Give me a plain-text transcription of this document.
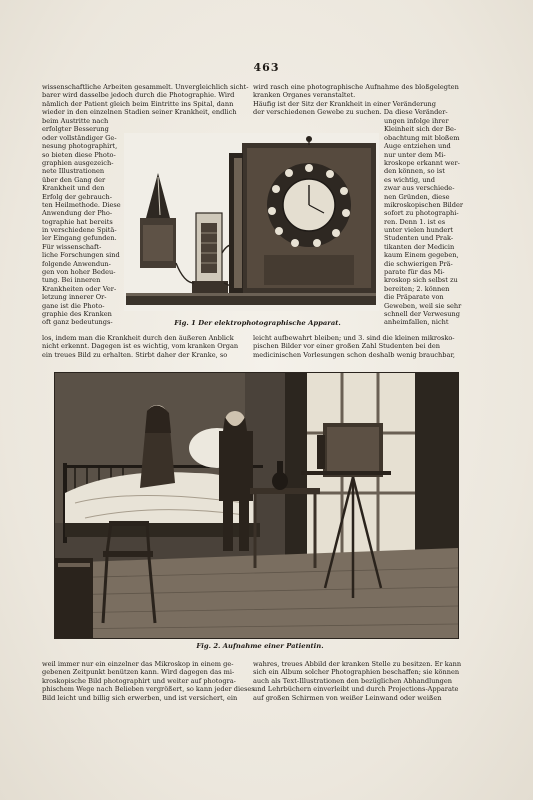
463
wissenschaftliche Arbeiten gesammelt. Unvergleichlich sicht-
barer wird dasselbe jedoch durch die Photographie. Wird
nämlich der Patient gleich beim Eintritte ins Spital, dann
wieder in den einzelnen Stadien seiner Krankheit, endlich
wird rasch eine photographische Aufnahme des bloßgelegten
kranken Organes veranstaltet.
Häufig ist der Sitz der Krankheit in einer Veränderung
der verschiedenen Gewebe zu suchen. Da diese Veränder-
beim Austritte nach
erfolgter Besserung
oder vollständiger Ge-
nesung photographirt,
so bieten diese Photo-
graphien ausgezeich-
nete Illustrationen
über den Gang der
Krankheit und den
Erfolg der gebrauch-
ten Heilmethode. Diese
Anwendung der Pho-
tographie hat bereits
in verschiedene Spitä-
ler Eingang gefunden.
Für wissenschaft-
liche Forschungen sind
folgende Anwendun-
gen von hoher Bedeu-
tung. Bei inneren
Krankheiten oder Ver-
letzung innerer Or-
gane ist die Photo-
graphie des Kranken
oft ganz bedeutungs-
ungen infolge ihrer
Kleinheit sich der Be-
obachtung mit bloßem
Auge entziehen und
nur unter dem Mi-
kroskope erkannt wer-
den können, so ist
es wichtig, und
zwar aus verschiede-
nen Gründen, diese
mikroskopischen Bilder
sofort zu photographi-
ren. Denn 1. ist es
unter vielen hundert
Studenten und Prak-
tikanten der Medicin
kaum Einem gegeben,
die schwierigen Prä-
parate für das Mi-
kroskop sich selbst zu
bereiten; 2. können
die Präparate von
Geweben, weil sie sehr
schnell der Verwesung
anheimfallen, nicht
Fig. 1 Der elektrophotographische Apparat.
los, indem man die Krankheit durch den äußeren Anblick
nicht erkennt. Dagegen ist es wichtig, vom kranken Organ
ein treues Bild zu erhalten. Stirbt daher der Kranke, so
leicht aufbewahrt bleiben; und 3. sind die kleinen mikrosko-
pischen Bilder vor einer großen Zahl Studenten bei den
medicinischen Vorlesungen schon deshalb wenig brauchbar,
Fig. 2. Aufnahme einer Patientin.
weil immer nur ein einzelner das Mikroskop in einem ge-
gebenen Zeitpunkt benützen kann. Wird dagegen das mi-
kroskopische Bild photographirt und weiter auf photogra-
phischem Wege nach Belieben vergrößert, so kann jeder dieses
Bild leicht und billig sich erwerben, und ist versichert, ein
wahres, treues Abbild der kranken Stelle zu besitzen. Er kann
sich ein Album solcher Photographien beschaffen; sie können
auch als Text-Illustrationen den bezüglichen Abhandlungen
und Lehrbüchern einverleibt und durch Projections-Apparate
auf großen Schirmen von weißer Leinwand oder weißen
